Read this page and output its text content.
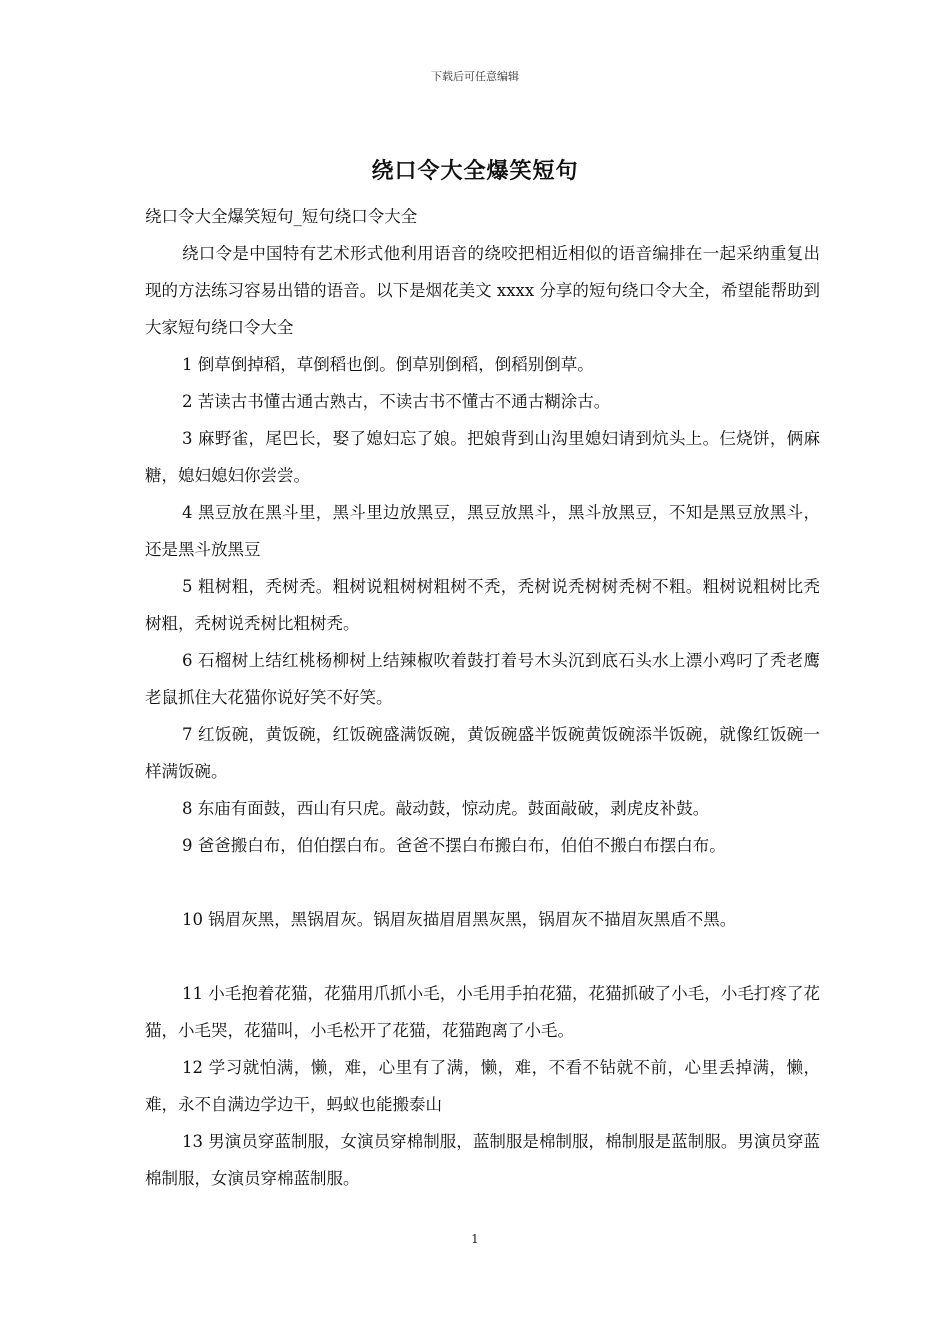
下载后可任意编辑
绕口令大全爆笑短句

绕口令大全爆笑短句_短句绕口令大全

绕口令是中国特有艺术形式他利用语音的绕咬把相近相似的语音编排在一起采纳重复出现的方法练习容易出错的语音。以下是烟花美文 xxxx 分享的短句绕口令大全，希望能帮助到大家短句绕口令大全

1 倒草倒掉稻，草倒稻也倒。倒草别倒稻，倒稻别倒草。

2 苦读古书懂古通古熟古，不读古书不懂古不通古糊涂古。

3 麻野雀，尾巴长，娶了媳妇忘了娘。把娘背到山沟里媳妇请到炕头上。仨烧饼，俩麻糖，媳妇媳妇你尝尝。

4 黑豆放在黑斗里，黑斗里边放黑豆，黑豆放黑斗，黑斗放黑豆，不知是黑豆放黑斗，还是黑斗放黑豆

5 粗树粗，秃树秃。粗树说粗树树粗树不秃，秃树说秃树树秃树不粗。粗树说粗树比秃树粗，秃树说秃树比粗树秃。

6 石榴树上结红桃杨柳树上结辣椒吹着鼓打着号木头沉到底石头水上漂小鸡叼了秃老鹰老鼠抓住大花猫你说好笑不好笑。

7 红饭碗，黄饭碗，红饭碗盛满饭碗，黄饭碗盛半饭碗黄饭碗添半饭碗，就像红饭碗一样满饭碗。

8 东庙有面鼓，西山有只虎。敲动鼓，惊动虎。鼓面敲破，剥虎皮补鼓。

9 爸爸搬白布，伯伯摆白布。爸爸不摆白布搬白布，伯伯不搬白布摆白布。

10 锅眉灰黑，黑锅眉灰。锅眉灰描眉眉黑灰黑，锅眉灰不描眉灰黑盾不黑。

11 小毛抱着花猫，花猫用爪抓小毛，小毛用手拍花猫，花猫抓破了小毛，小毛打疼了花猫，小毛哭，花猫叫，小毛松开了花猫，花猫跑离了小毛。

12 学习就怕满，懒，难，心里有了满，懒，难，不看不钻就不前，心里丢掉满，懒，难，永不自满边学边干，蚂蚁也能搬泰山

13 男演员穿蓝制服，女演员穿棉制服，蓝制服是棉制服，棉制服是蓝制服。男演员穿蓝棉制服，女演员穿棉蓝制服。

1
